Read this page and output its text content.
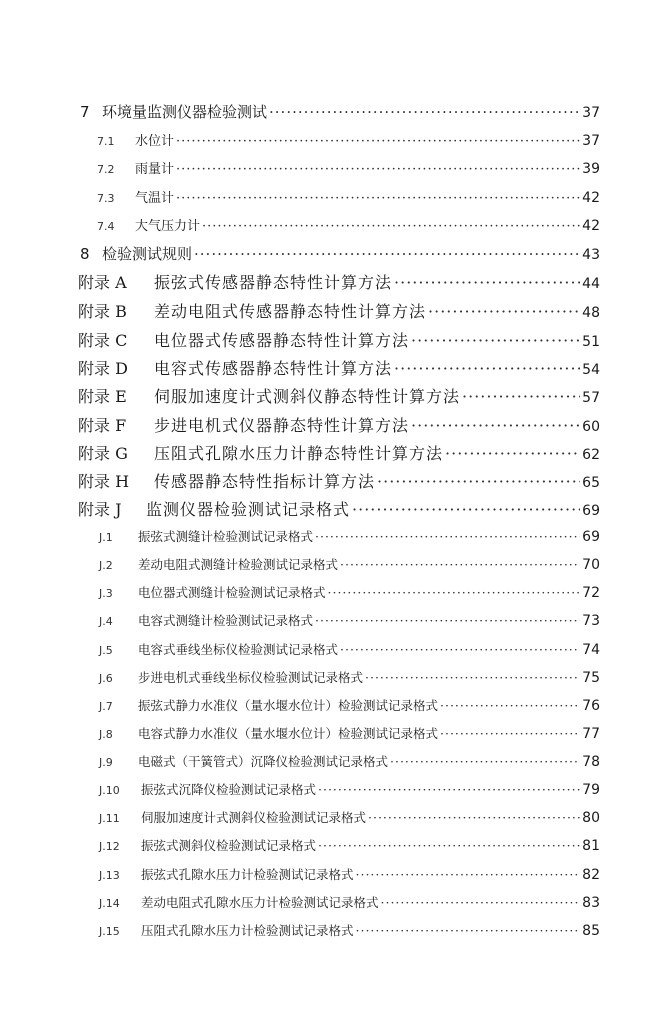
7 环境量监测仪器检验测试 ·····	37
7.1	水位计 ·····	37
7.2	雨量计 ·····	39
7.3	气温计 ·····	42
7.4	大气压力计 ·····	42
8 检验测试规则 ·····	43
附录 A	振弦式传感器静态特性计算方法 ·····	44
附录 B	差动电阻式传感器静态特性计算方法 ·····	48
附录 C	电位器式传感器静态特性计算方法 ·····	51
附录 D	电容式传感器静态特性计算方法 ·····	54
附录 E	伺服加速度计式测斜仪静态特性计算方法 ·····	57
附录 F	步进电机式仪器静态特性计算方法 ·····	60
附录 G	压阻式孔隙水压力计静态特性计算方法 ·····	62
附录 H	传感器静态特性指标计算方法 ·····	65
附录 J	监测仪器检验测试记录格式 ·····	69
J.1	振弦式测缝计检验测试记录格式 ·····	69
J.2	差动电阻式测缝计检验测试记录格式 ·····	70
J.3	电位器式测缝计检验测试记录格式 ·····	72
J.4	电容式测缝计检验测试记录格式 ·····	73
J.5	电容式垂线坐标仪检验测试记录格式 ·····	74
J.6	步进电机式垂线坐标仪检验测试记录格式 ·····	75
J.7	振弦式静力水准仪（量水堰水位计）检验测试记录格式 ·····	76
J.8	电容式静力水准仪（量水堰水位计）检验测试记录格式 ·····	77
J.9	电磁式（干簧管式）沉降仪检验测试记录格式 ·····	78
J.10	振弦式沉降仪检验测试记录格式 ·····	79
J.11	伺服加速度计式测斜仪检验测试记录格式 ·····	80
J.12	振弦式测斜仪检验测试记录格式 ·····	81
J.13	振弦式孔隙水压力计检验测试记录格式 ·····	82
J.14	差动电阻式孔隙水压力计检验测试记录格式 ·····	83
J.15	压阻式孔隙水压力计检验测试记录格式 ·····	85
